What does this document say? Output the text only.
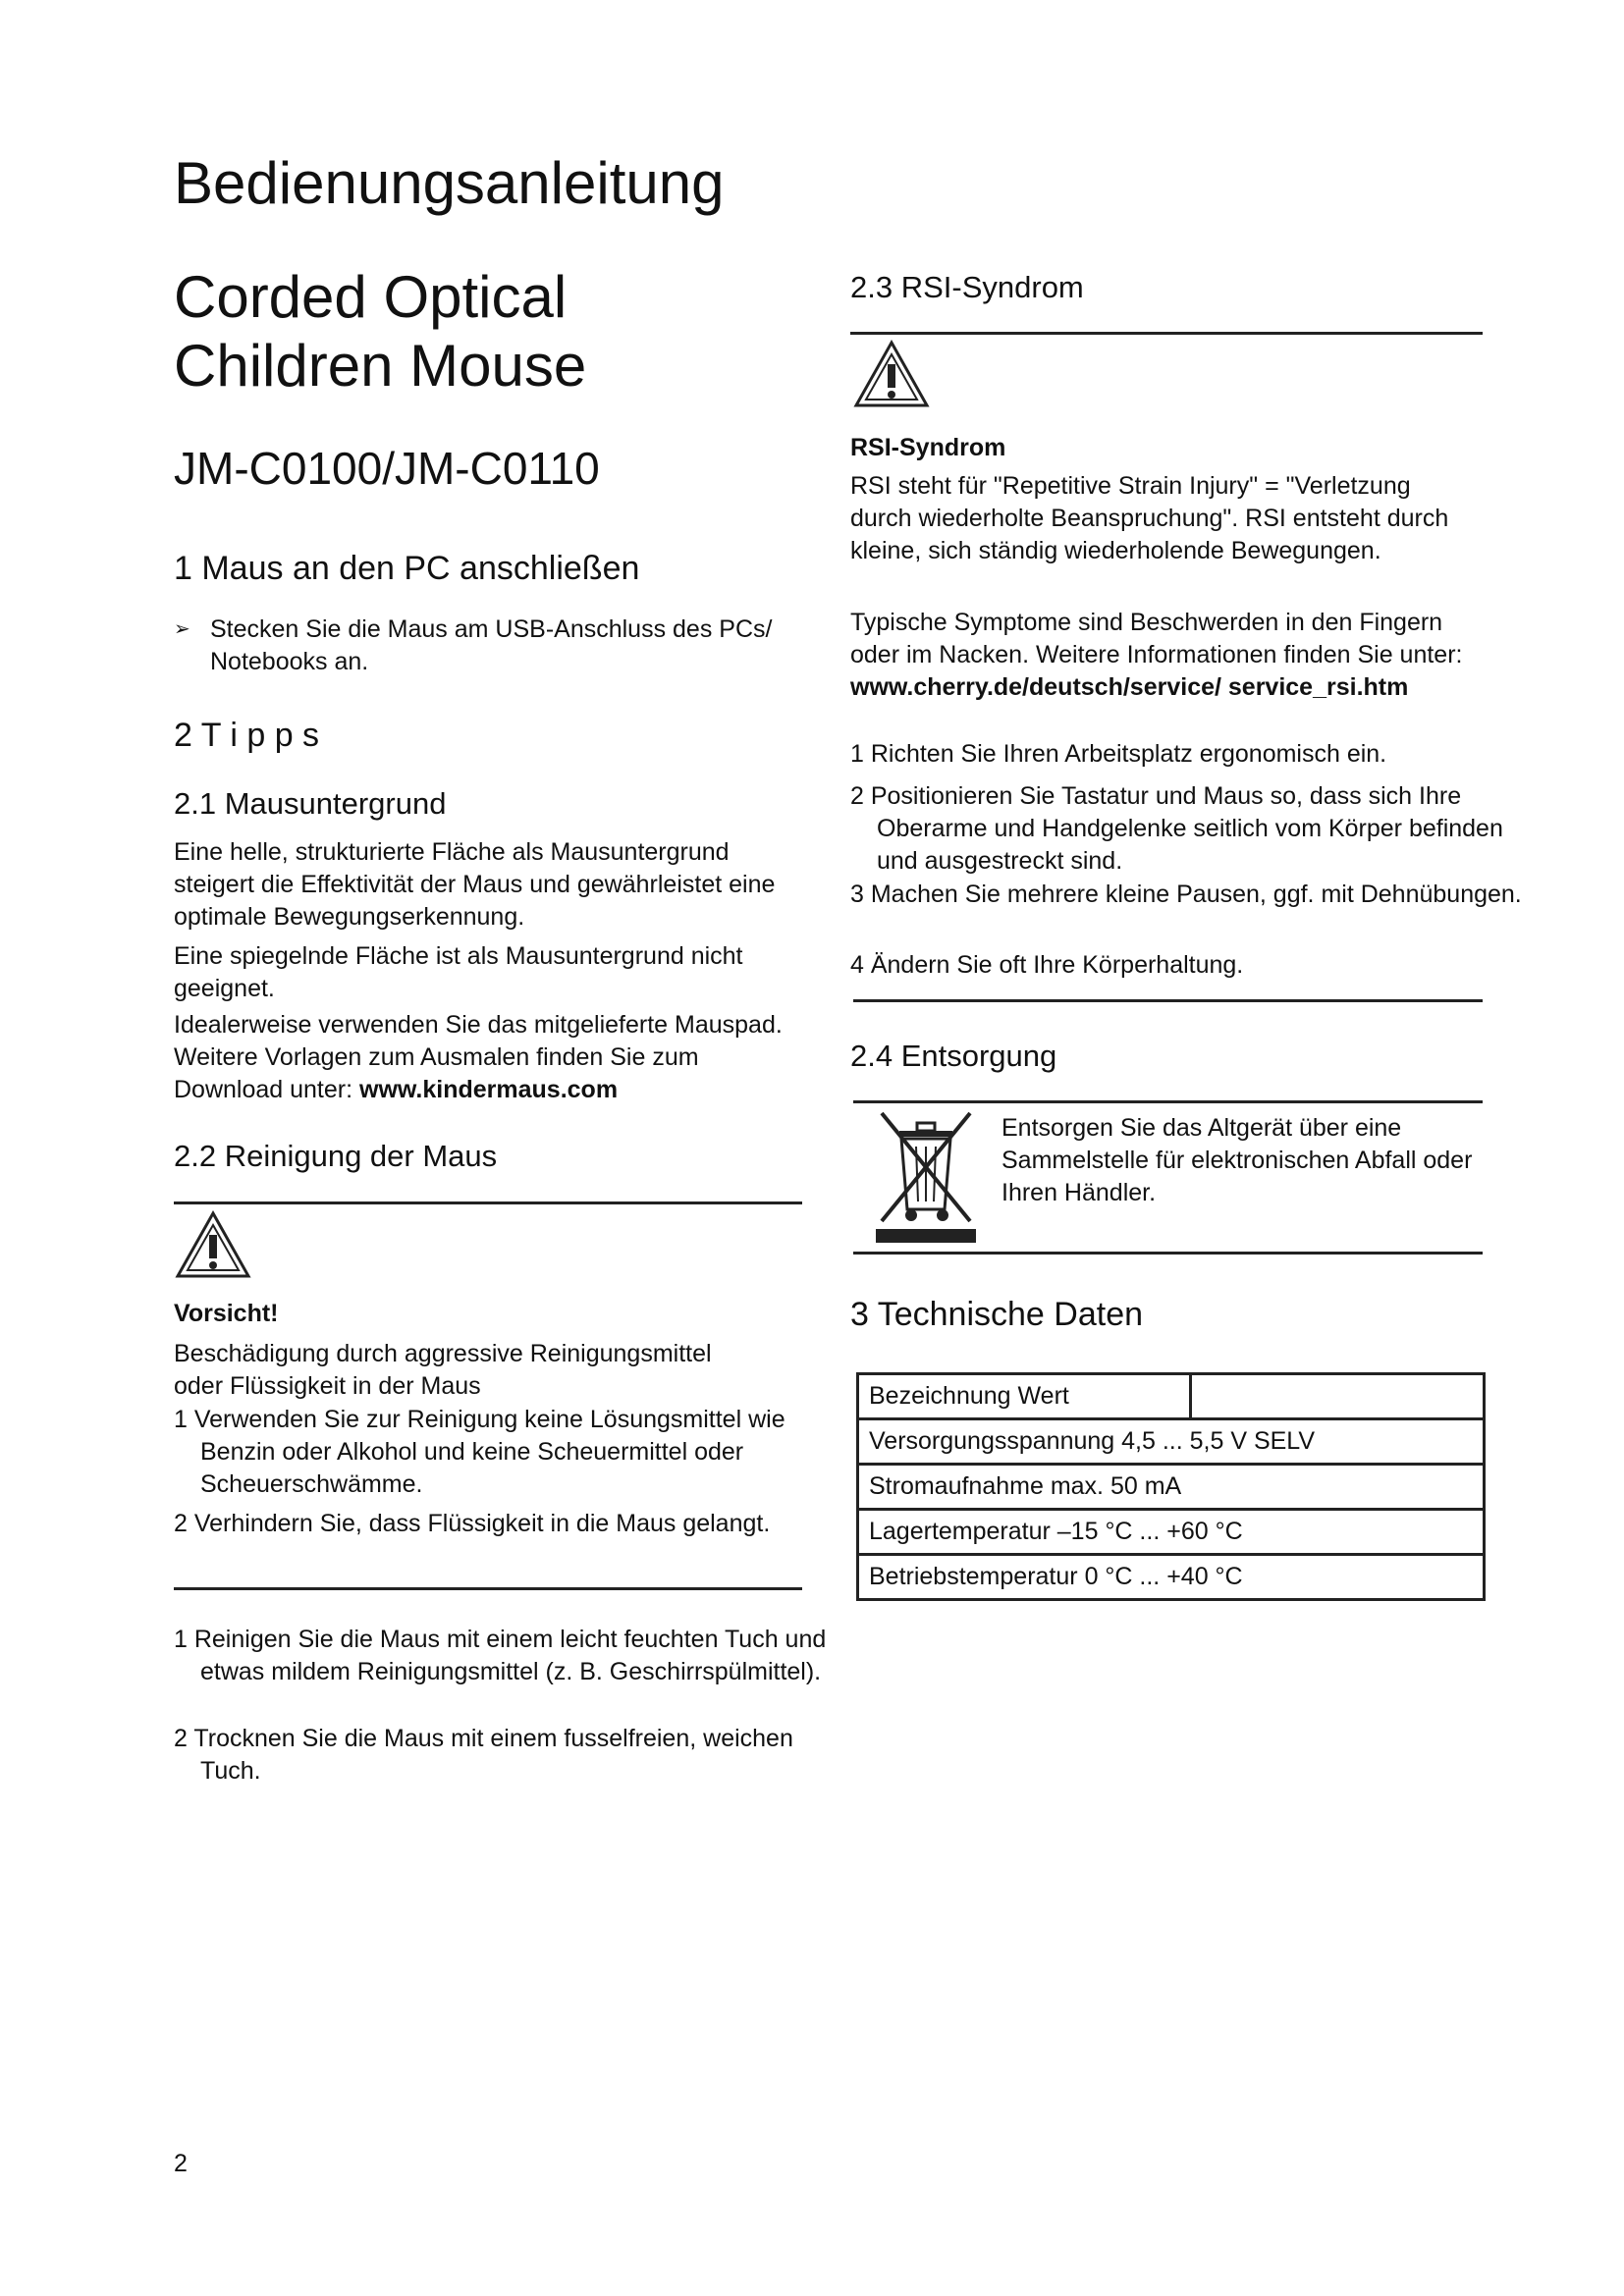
Bedienungsanleitung
Corded Optical
Children Mouse
JM-C0100/JM-C0110
1 Maus an den PC anschließen
➢ Stecken Sie die Maus am USB-Anschluss des PCs/ Notebooks an.
2 T i p p s
2.1 Mausuntergrund

Eine helle, strukturierte Fläche als Mausuntergrund steigert die Effektivität der Maus und gewährleistet eine optimale Bewegungserkennung.

Eine spiegelnde Fläche ist als Mausuntergrund nicht geeignet.

Idealerweise verwenden Sie das mitgelieferte Mauspad. Weitere Vorlagen zum Ausmalen finden Sie zum Download unter: www.kindermaus.com

2.2 Reinigung der Maus
Vorsicht!

Beschädigung durch aggressive Reinigungsmittel oder Flüssigkeit in der Maus

1 Verwenden Sie zur Reinigung keine Lösungsmittel wie Benzin oder Alkohol und keine Scheuermittel oder Scheuerschwämme.

2 Verhindern Sie, dass Flüssigkeit in die Maus gelangt.

1 Reinigen Sie die Maus mit einem leicht feuchten Tuch und etwas mildem Reinigungsmittel (z. B. Geschirrspülmittel).

2 Trocknen Sie die Maus mit einem fusselfreien, weichen Tuch.

2.3 RSI-Syndrom
RSI-Syndrom

RSI steht für "Repetitive Strain Injury" = "Verletzung durch wiederholte Beanspruchung". RSI entsteht durch kleine, sich ständig wiederholende Bewegungen.

Typische Symptome sind Beschwerden in den Fingern oder im Nacken. Weitere Informationen finden Sie unter: www.cherry.de/deutsch/service/ service_rsi.htm

1 Richten Sie Ihren Arbeitsplatz ergonomisch ein.

2 Positionieren Sie Tastatur und Maus so, dass sich Ihre Oberarme und Handgelenke seitlich vom Körper befinden und ausgestreckt sind.

3 Machen Sie mehrere kleine Pausen, ggf. mit Dehnübungen.

4 Ändern Sie oft Ihre Körperhaltung.

2.4 Entsorgung

Entsorgen Sie das Altgerät über eine Sammelstelle für elektronischen Abfall oder Ihren Händler.

3 Technische Daten
Bezeichnung Wert	
Versorgungsspannung 4,5 ... 5,5 V SELV
Stromaufnahme max. 50 mA
Lagertemperatur –15 °C ... +60 °C
Betriebstemperatur 0 °C ... +40 °C
2
